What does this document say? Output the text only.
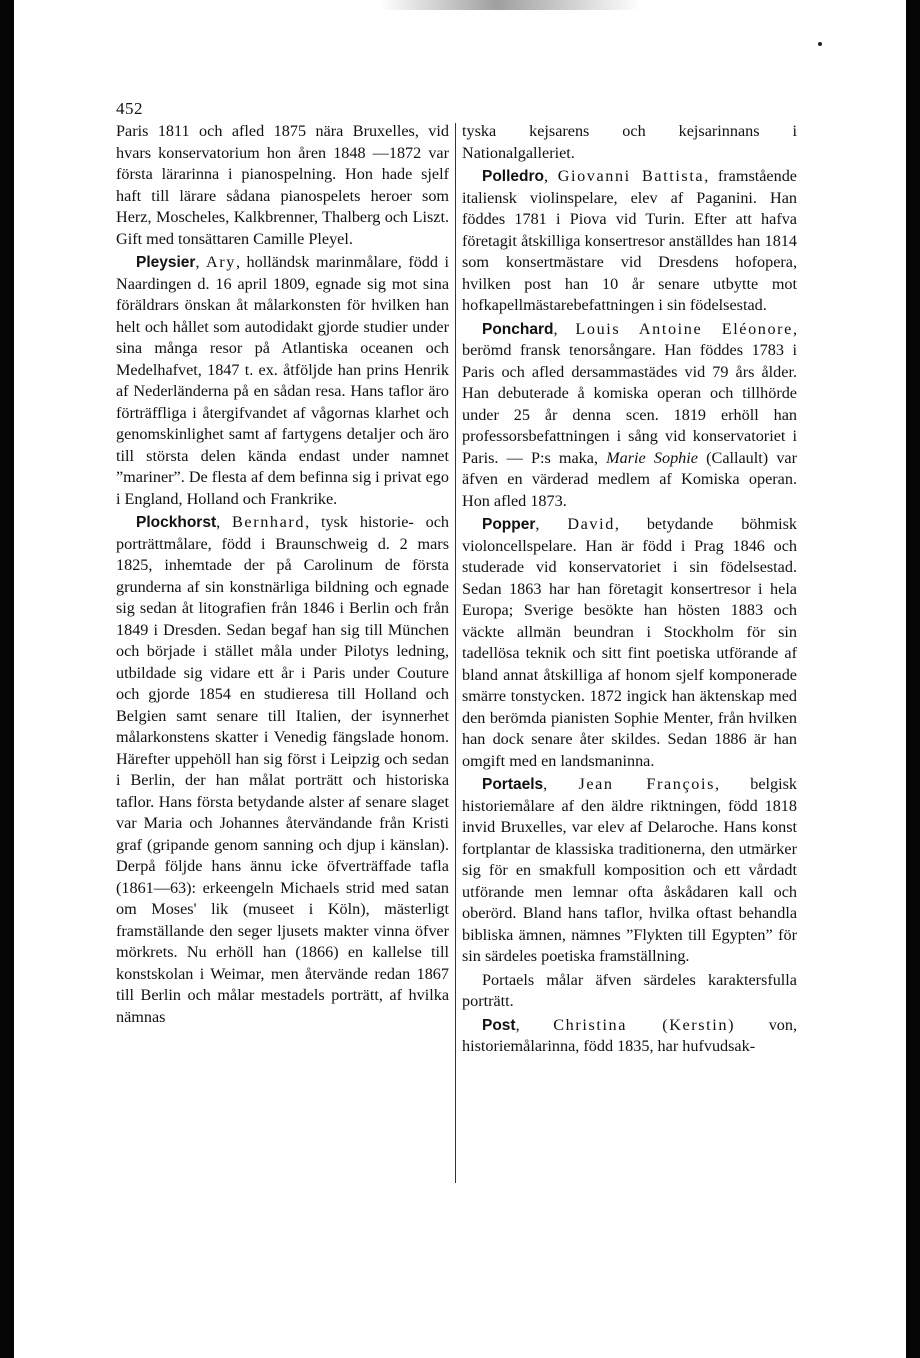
452

Paris 1811 och afled 1875 nära Bruxelles, vid hvars konservatorium hon åren 1848 —1872 var första lärarinna i pianospelning. Hon hade sjelf haft till lärare sådana pianospelets heroer som Herz, Moscheles, Kalkbrenner, Thalberg och Liszt. Gift med tonsättaren Camille Pleyel.

Pleysier, Ary, holländsk marinmålare, född i Naardingen d. 16 april 1809, egnade sig mot sina föräldrars önskan åt målarkonsten för hvilken han helt och hållet som autodidakt gjorde studier under sina många resor på Atlantiska oceanen och Medelhafvet, 1847 t. ex. åtföljde han prins Henrik af Nederländerna på en sådan resa. Hans taflor äro förträffliga i återgifvandet af vågornas klarhet och genomskinlighet samt af fartygens detaljer och äro till största delen kända endast under namnet ”mariner”. De flesta af dem befinna sig i privat ego i England, Holland och Frankrike.

Plockhorst, Bernhard, tysk historie- och porträttmålare, född i Braunschweig d. 2 mars 1825, inhemtade der på Carolinum de första grunderna af sin konstnärliga bildning och egnade sig sedan åt litografien från 1846 i Berlin och från 1849 i Dresden. Sedan begaf han sig till München och började i stället måla under Pilotys ledning, utbildade sig vidare ett år i Paris under Couture och gjorde 1854 en studieresa till Holland och Belgien samt senare till Italien, der isynnerhet målarkonstens skatter i Venedig fängslade honom. Härefter uppehöll han sig först i Leipzig och sedan i Berlin, der han målat porträtt och historiska taflor. Hans första betydande alster af senare slaget var Maria och Johannes återvändande från Kristi graf (gripande genom sanning och djup i känslan). Derpå följde hans ännu icke öfverträffade tafla (1861—63): erkeengeln Michaels strid med satan om Moses' lik (museet i Köln), mästerligt framställande den seger ljusets makter vinna öfver mörkrets. Nu erhöll han (1866) en kallelse till konstskolan i Weimar, men återvände redan 1867 till Berlin och målar mestadels porträtt, af hvilka nämnas

tyska kejsarens och kejsarinnans i Nationalgalleriet.

Polledro, Giovanni Battista, framstående italiensk violinspelare, elev af Paganini. Han föddes 1781 i Piova vid Turin. Efter att hafva företagit åtskilliga konsertresor anställdes han 1814 som konsertmästare vid Dresdens hofopera, hvilken post han 10 år senare utbytte mot hofkapellmästarebefattningen i sin födelsestad.

Ponchard, Louis Antoine Eléonore, berömd fransk tenorsångare. Han föddes 1783 i Paris och afled dersammastädes vid 79 års ålder. Han debuterade å komiska operan och tillhörde under 25 år denna scen. 1819 erhöll han professorsbefattningen i sång vid konservatoriet i Paris. — P:s maka, Marie Sophie (Callault) var äfven en värderad medlem af Komiska operan. Hon afled 1873.

Popper, David, betydande böhmisk violoncellspelare. Han är född i Prag 1846 och studerade vid konservatoriet i sin födelsestad. Sedan 1863 har han företagit konsertresor i hela Europa; Sverige besökte han hösten 1883 och väckte allmän beundran i Stockholm för sin tadellösa teknik och sitt fint poetiska utförande af bland annat åtskilliga af honom sjelf komponerade smärre tonstycken. 1872 ingick han äktenskap med den berömda pianisten Sophie Menter, från hvilken han dock senare åter skildes. Sedan 1886 är han omgift med en landsmaninna.

Portaels, Jean François, belgisk historiemålare af den äldre riktningen, född 1818 invid Bruxelles, var elev af Delaroche. Hans konst fortplantar de klassiska traditionerna, den utmärker sig för en smakfull komposition och ett vårdadt utförande men lemnar ofta åskådaren kall och oberörd. Bland hans taflor, hvilka oftast behandla bibliska ämnen, nämnes ”Flykten till Egypten” för sin särdeles poetiska framställning.

Portaels målar äfven särdeles karaktersfulla porträtt.

Post, Christina (Kerstin) von, historiemålarinna, född 1835, har hufvudsak-
